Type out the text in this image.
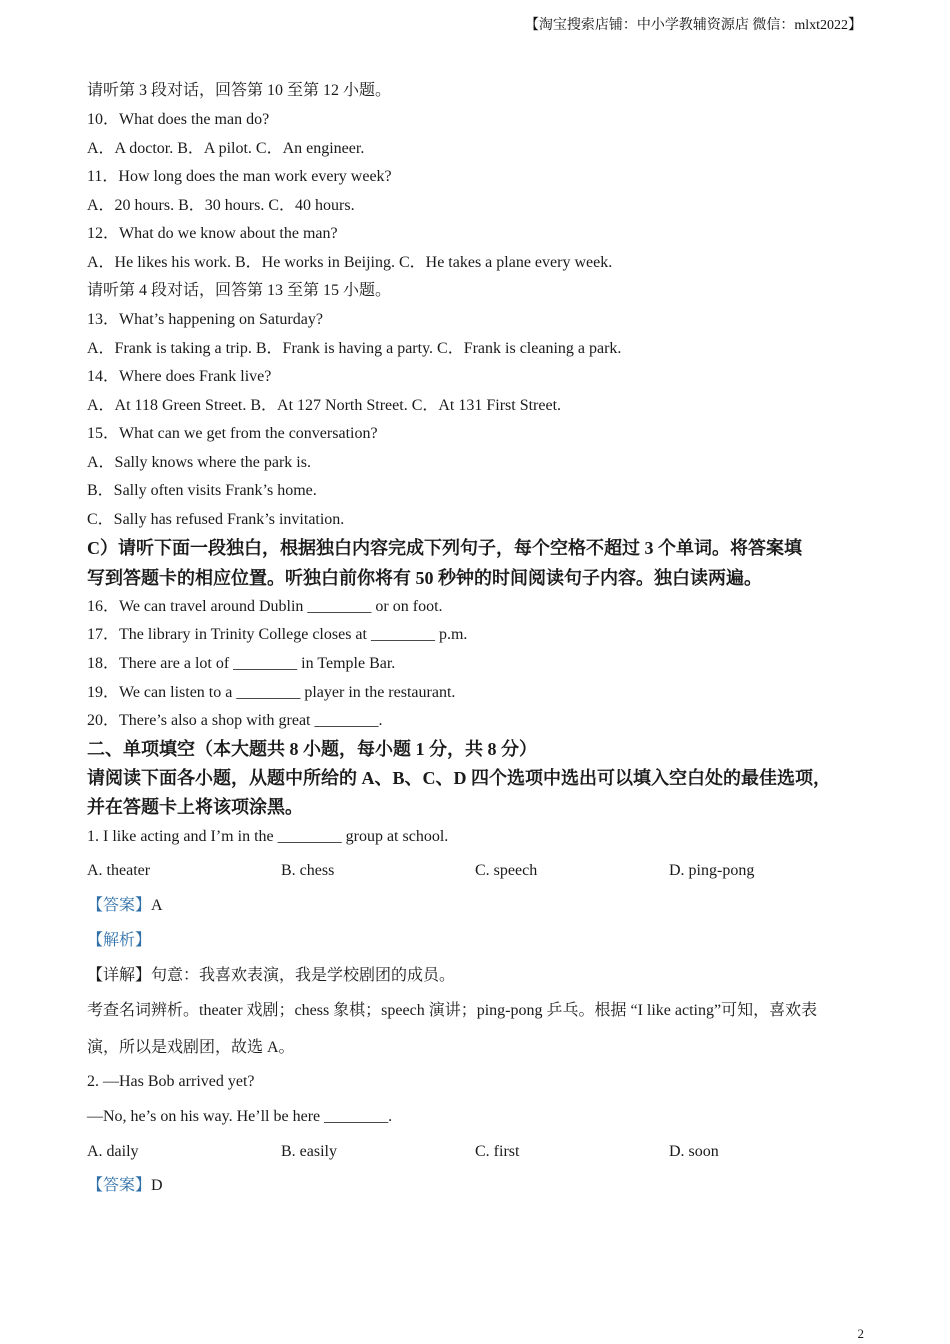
【淘宝搜索店铺：中小学教辅资源店 微信：mlxt2022】
请听第 3 段对话，回答第 10 至第 12 小题。
10．What does the man do?
A．A doctor. B．A pilot. C．An engineer.
11．How long does the man work every week?
A．20 hours. B．30 hours. C．40 hours.
12．What do we know about the man?
A．He likes his work. B．He works in Beijing. C．He takes a plane every week.
请听第 4 段对话，回答第 13 至第 15 小题。
13．What’s happening on Saturday?
A．Frank is taking a trip. B．Frank is having a party. C．Frank is cleaning a park.
14．Where does Frank live?
A．At 118 Green Street. B．At 127 North Street. C．At 131 First Street.
15．What can we get from the conversation?
A．Sally knows where the park is.
B．Sally often visits Frank’s home.
C．Sally has refused Frank’s invitation.
C）请听下面一段独白，根据独白内容完成下列句子，每个空格不超过 3 个单词。将答案填
写到答题卡的相应位置。听独白前你将有 50 秒钟的时间阅读句子内容。独白读两遍。
16．We can travel around Dublin ________ or on foot.
17．The library in Trinity College closes at ________ p.m.
18．There are a lot of ________ in Temple Bar.
19．We can listen to a ________ player in the restaurant.
20．There’s also a shop with great ________.
二、单项填空（本大题共 8 小题，每小题 1 分，共 8 分）
请阅读下面各小题，从题中所给的 A、B、C、D 四个选项中选出可以填入空白处的最佳选项，
并在答题卡上将该项涂黑。
1. I like acting and I’m in the ________ group at school.
A. theater	B. chess	C. speech	D. ping-pong
【答案】A
【解析】
【详解】句意：我喜欢表演，我是学校剧团的成员。
考查名词辨析。theater 戏剧；chess 象棋；speech 演讲；ping-pong 乒乓。根据 “I like acting”可知，喜欢表
演，所以是戏剧团，故选 A。
2. —Has Bob arrived yet?
—No, he’s on his way. He’ll be here ________.
A. daily	B. easily	C. first	D. soon
【答案】D
2
